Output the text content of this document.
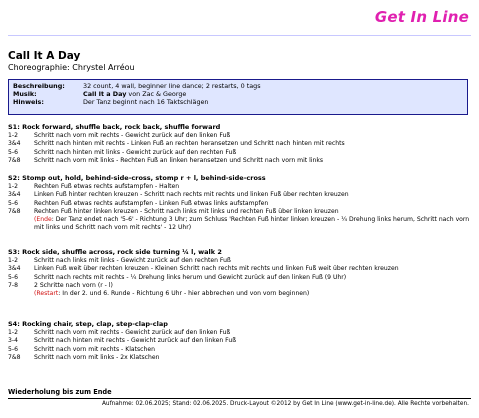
Get In Line
Call It A Day
Choreographie: Chrystel Arréou
Beschreibung:	32 count, 4 wall, beginner line dance; 2 restarts, 0 tags
Musik:	Call It a Day von Zac & George
Hinweis:	Der Tanz beginnt nach 16 Taktschlägen
S1: Rock forward, shuffle back, rock back, shuffle forward
1-2	Schritt nach vorn mit rechts - Gewicht zurück auf den linken Fuß
3&4	Schritt nach hinten mit rechts - Linken Fuß an rechten heransetzen und Schritt nach hinten mit rechts
5-6	Schritt nach hinten mit links - Gewicht zurück auf den rechten Fuß
7&8	Schritt nach vorn mit links - Rechten Fuß an linken heransetzen und Schritt nach vorn mit links
S2: Stomp out, hold, behind-side-cross, stomp r + l, behind-side-cross
1-2	Rechten Fuß etwas rechts aufstampfen - Halten
3&4	Linken Fuß hinter rechten kreuzen - Schritt nach rechts mit rechts und linken Fuß über rechten kreuzen
5-6	Rechten Fuß etwas rechts aufstampfen - Linken Fuß etwas links aufstampfen
7&8	Rechten Fuß hinter linken kreuzen - Schritt nach links mit links und rechten Fuß über linken kreuzen
(Ende: Der Tanz endet nach '5-6' - Richtung 3 Uhr; zum Schluss 'Rechten Fuß hinter linken kreuzen - ¼ Drehung links herum, Schritt nach vorn mit links und Schritt nach vorn mit rechts' - 12 Uhr)
S3: Rock side, shuffle across, rock side turning ¼ l, walk 2
1-2	Schritt nach links mit links - Gewicht zurück auf den rechten Fuß
3&4	Linken Fuß weit über rechten kreuzen - Kleinen Schritt nach rechts mit rechts und linken Fuß weit über rechten kreuzen
5-6	Schritt nach rechts mit rechts - ¼ Drehung links herum und Gewicht zurück auf den linken Fuß (9 Uhr)
7-8	2 Schritte nach vorn (r - l)
(Restart: In der 2. und 6. Runde - Richtung 6 Uhr - hier abbrechen und von vorn beginnen)
S4: Rocking chair, step, clap, step-clap-clap
1-2	Schritt nach vorn mit rechts - Gewicht zurück auf den linken Fuß
3-4	Schritt nach hinten mit rechts - Gewicht zurück auf den linken Fuß
5-6	Schritt nach vorn mit rechts - Klatschen
7&8	Schritt nach vorn mit links - 2x Klatschen
Wiederholung bis zum Ende
Aufnahme: 02.06.2025; Stand: 02.06.2025. Druck-Layout ©2012 by Get In Line (www.get-in-line.de). Alle Rechte vorbehalten.
